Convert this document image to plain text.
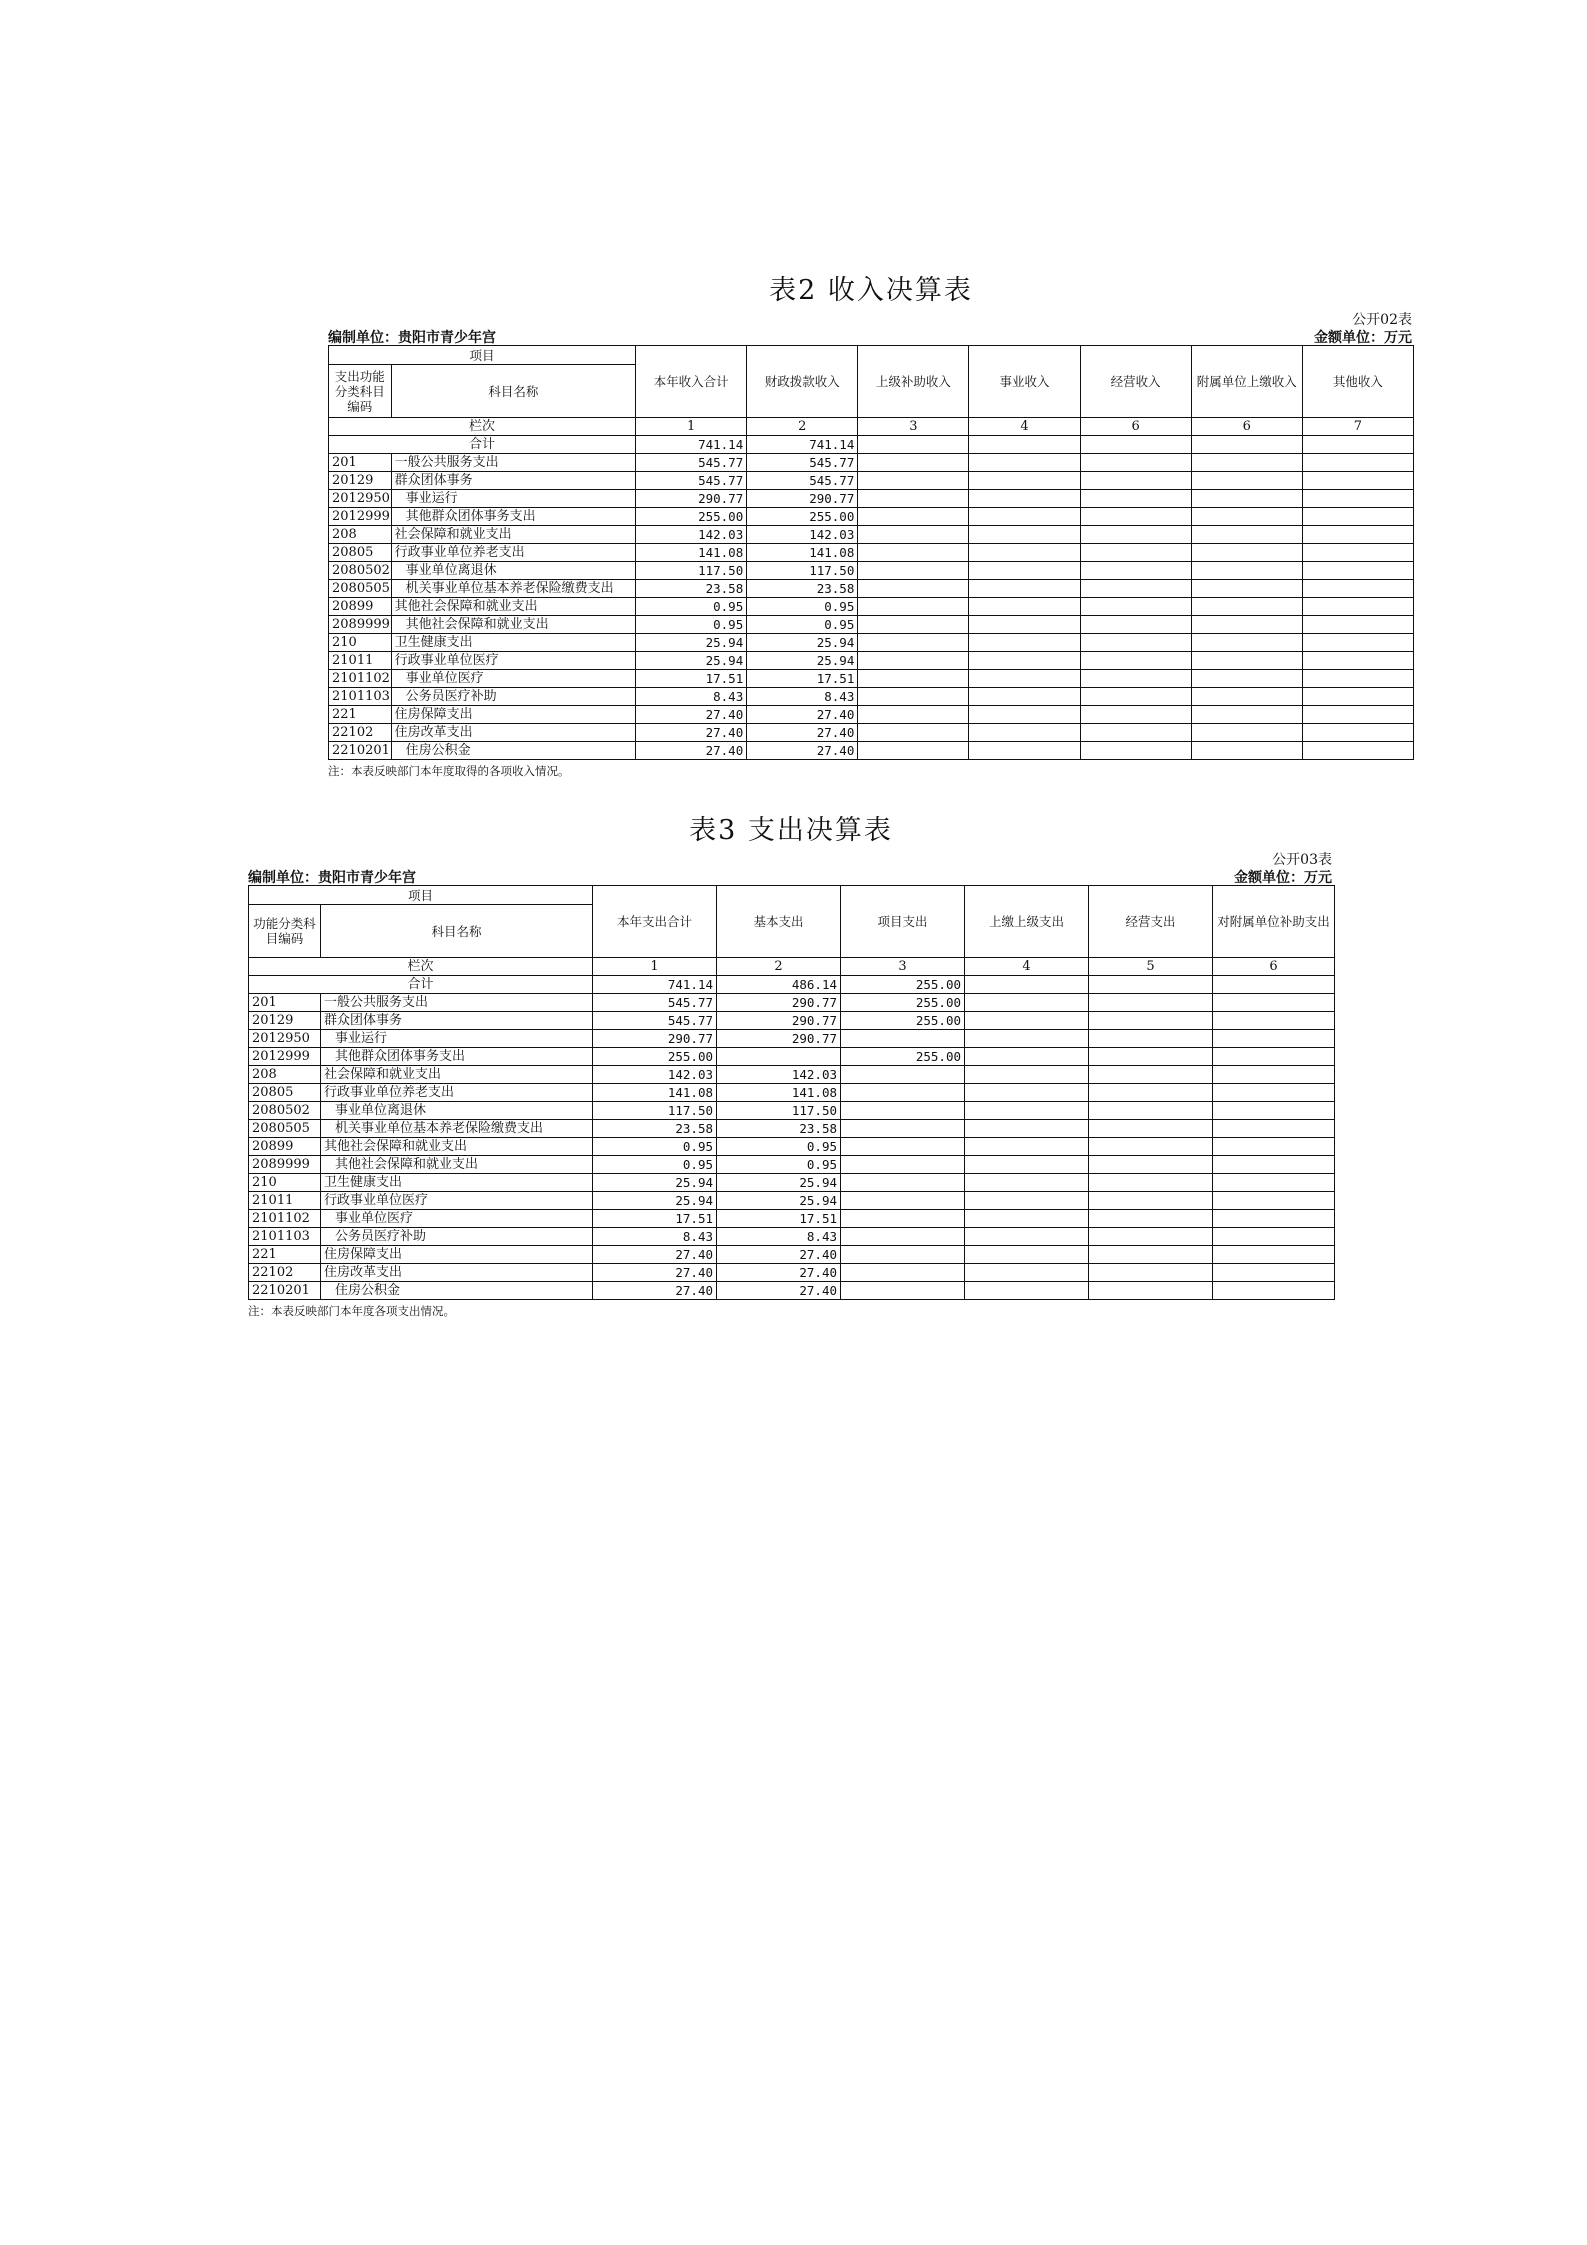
表2 收入决算表
公开02表
编制单位：贵阳市青少年宫	金额单位：万元
项目		本年收入合计	财政拨款收入	上级补助收入	事业收入	经营收入	附属单位上缴收入	其他收入
支出功能分类科目编码	科目名称							
栏次		1	2	3	4	6	6	7
合计		741.14	741.14					
201	一般公共服务支出	545.77	545.77					
20129	群众团体事务	545.77	545.77					
2012950	事业运行	290.77	290.77					
2012999	其他群众团体事务支出	255.00	255.00					
208	社会保障和就业支出	142.03	142.03					
20805	行政事业单位养老支出	141.08	141.08					
2080502	事业单位离退休	117.50	117.50					
2080505	机关事业单位基本养老保险缴费支出	23.58	23.58					
20899	其他社会保障和就业支出	0.95	0.95					
2089999	其他社会保障和就业支出	0.95	0.95					
210	卫生健康支出	25.94	25.94					
21011	行政事业单位医疗	25.94	25.94					
2101102	事业单位医疗	17.51	17.51					
2101103	公务员医疗补助	8.43	8.43					
221	住房保障支出	27.40	27.40					
22102	住房改革支出	27.40	27.40					
2210201	住房公积金	27.40	27.40					
注：本表反映部门本年度取得的各项收入情况。
表3 支出决算表
公开03表
编制单位：贵阳市青少年宫	金额单位：万元
项目		本年支出合计	基本支出	项目支出	上缴上级支出	经营支出	对附属单位补助支出
功能分类科目编码	科目名称						
栏次		1	2	3	4	5	6
合计		741.14	486.14	255.00			
201	一般公共服务支出	545.77	290.77	255.00			
20129	群众团体事务	545.77	290.77	255.00			
2012950	事业运行	290.77	290.77				
2012999	其他群众团体事务支出	255.00		255.00			
208	社会保障和就业支出	142.03	142.03				
20805	行政事业单位养老支出	141.08	141.08				
2080502	事业单位离退休	117.50	117.50				
2080505	机关事业单位基本养老保险缴费支出	23.58	23.58				
20899	其他社会保障和就业支出	0.95	0.95				
2089999	其他社会保障和就业支出	0.95	0.95				
210	卫生健康支出	25.94	25.94				
21011	行政事业单位医疗	25.94	25.94				
2101102	事业单位医疗	17.51	17.51				
2101103	公务员医疗补助	8.43	8.43				
221	住房保障支出	27.40	27.40				
22102	住房改革支出	27.40	27.40				
2210201	住房公积金	27.40	27.40				
注：本表反映部门本年度各项支出情况。
